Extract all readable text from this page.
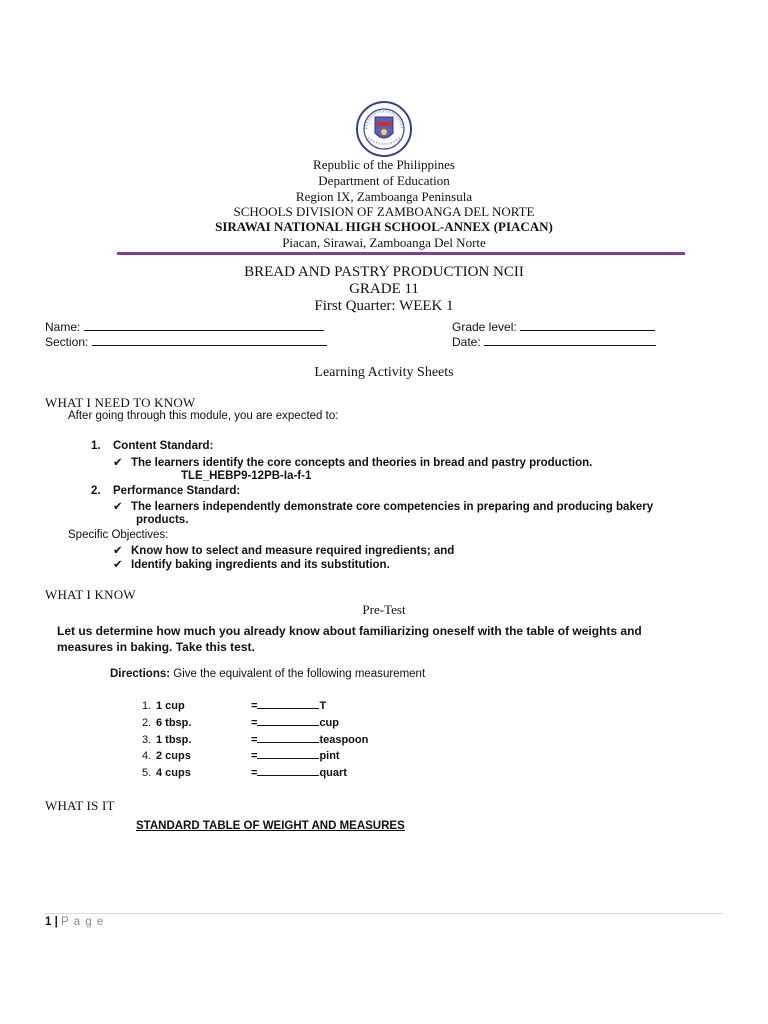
Republic of the Philippines
Department of Education
Region IX, Zamboanga Peninsula
SCHOOLS DIVISION OF ZAMBOANGA DEL NORTE
SIRAWAI NATIONAL HIGH SCHOOL-ANNEX (PIACAN)
Piacan, Sirawai, Zamboanga Del Norte
BREAD AND PASTRY PRODUCTION NCII
GRADE 11
First Quarter: WEEK 1
Name:	Grade level:
Section:	Date:
Learning Activity Sheets
WHAT I NEED TO KNOW
After going through this module, you are expected to:
1. Content Standard:
✔ The learners identify the core concepts and theories in bread and pastry production.
TLE_HEBP9-12PB-Ia-f-1
2. Performance Standard:
✔ The learners independently demonstrate core competencies in preparing and producing bakery
products.
Specific Objectives:
✔ Know how to select and measure required ingredients; and
✔ Identify baking ingredients and its substitution.
WHAT I KNOW
Pre-Test
Let us determine how much you already know about familiarizing oneself with the table of weights and
measures in baking. Take this test.
Directions: Give the equivalent of the following measurement
1. 1 cup	=	T
2. 6 tbsp.	=	cup
3. 1 tbsp.	=	teaspoon
4. 2 cups	=	pint
5. 4 cups	=	quart
WHAT IS IT
STANDARD TABLE OF WEIGHT AND MEASURES
1 | P a g e
